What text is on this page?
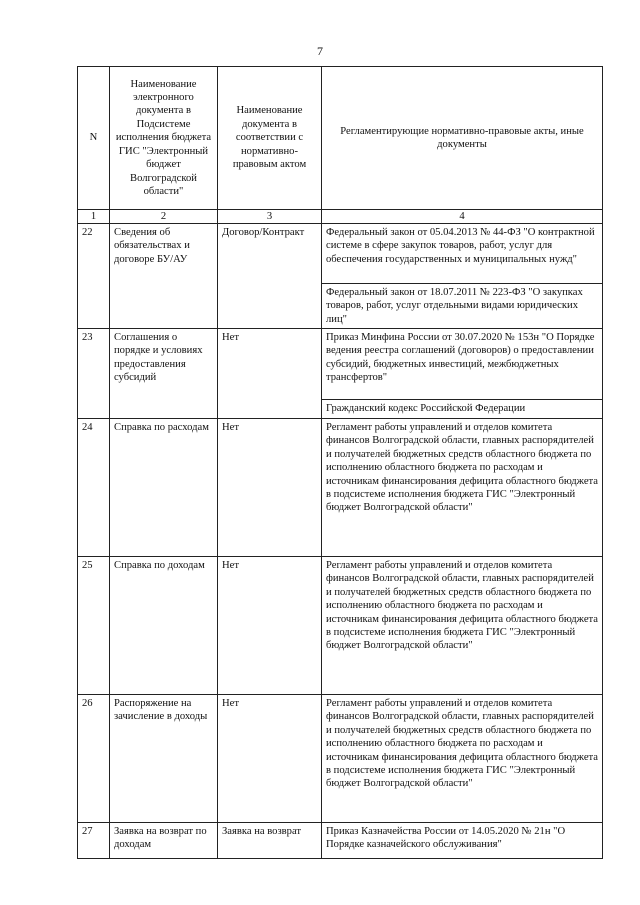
7
N	Наименование электронного документа в Подсистеме исполнения бюджета ГИС "Электронный бюджет Волгоградской области"	Наименование документа в соответствии с нормативно-правовым актом	Регламентирующие нормативно-правовые акты, иные документы
1	2	3	4
22	Сведения об обязательствах и договоре БУ/АУ	Договор/Контракт	Федеральный закон от 05.04.2013 № 44-ФЗ "О контрактной системе в сфере закупок товаров, работ, услуг для обеспечения государственных и муниципальных нужд"
Федеральный закон от 18.07.2011 № 223-ФЗ "О закупках товаров, работ, услуг отдельными видами юридических лиц"

23	Соглашения о порядке и условиях предоставления субсидий	Нет	Приказ Минфина России от 30.07.2020 № 153н "О Порядке ведения реестра соглашений (договоров) о предоставлении субсидий, бюджетных инвестиций, межбюджетных трансфертов"
Гражданский кодекс Российской Федерации

24	Справка по расходам	Нет	Регламент работы управлений и отделов комитета финансов Волгоградской области, главных распорядителей и получателей бюджетных средств областного бюджета по исполнению областного бюджета по расходам и источникам финансирования дефицита областного бюджета в подсистеме исполнения бюджета ГИС "Электронный бюджет Волгоградской области"
25	Справка по доходам	Нет	Регламент работы управлений и отделов комитета финансов Волгоградской области, главных распорядителей и получателей бюджетных средств областного бюджета по исполнению областного бюджета по расходам и источникам финансирования дефицита областного бюджета в подсистеме исполнения бюджета ГИС "Электронный бюджет Волгоградской области"
26	Распоряжение на зачисление в доходы	Нет	Регламент работы управлений и отделов комитета финансов Волгоградской области, главных распорядителей и получателей бюджетных средств областного бюджета по исполнению областного бюджета по расходам и источникам финансирования дефицита областного бюджета в подсистеме исполнения бюджета ГИС "Электронный бюджет Волгоградской области"
27	Заявка на возврат по доходам	Заявка на возврат	Приказ Казначейства России от 14.05.2020 № 21н "О Порядке казначейского обслуживания"
